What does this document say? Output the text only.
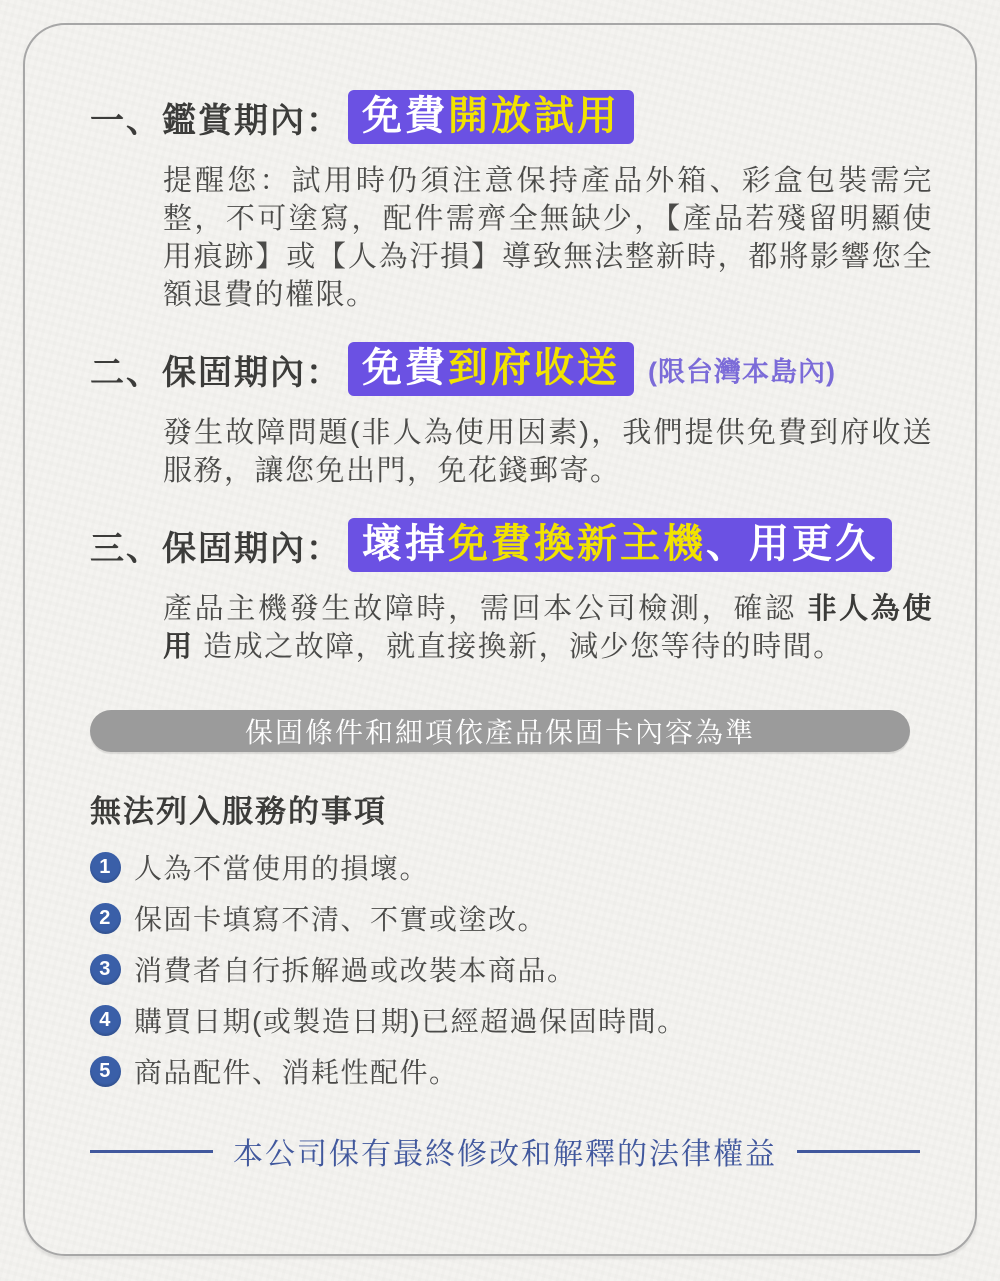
一、鑑賞期內： 免費開放試用
提醒您：試用時仍須注意保持產品外箱、彩盒包裝需完整，不可塗寫，配件需齊全無缺少，【產品若殘留明顯使用痕跡】或【人為汙損】導致無法整新時，都將影響您全額退費的權限。
二、保固期內： 免費到府收送	(限台灣本島內)
發生故障問題(非人為使用因素)，我們提供免費到府收送服務，讓您免出門，免花錢郵寄。
三、保固期內： 壞掉免費換新主機、用更久
產品主機發生故障時，需回本公司檢測，確認 非人為使用 造成之故障，就直接換新，減少您等待的時間。
保固條件和細項依產品保固卡內容為準
無法列入服務的事項
1 人為不當使用的損壞。
2 保固卡填寫不清、不實或塗改。
3 消費者自行拆解過或改裝本商品。
4 購買日期(或製造日期)已經超過保固時間。
5 商品配件、消耗性配件。
本公司保有最終修改和解釋的法律權益
